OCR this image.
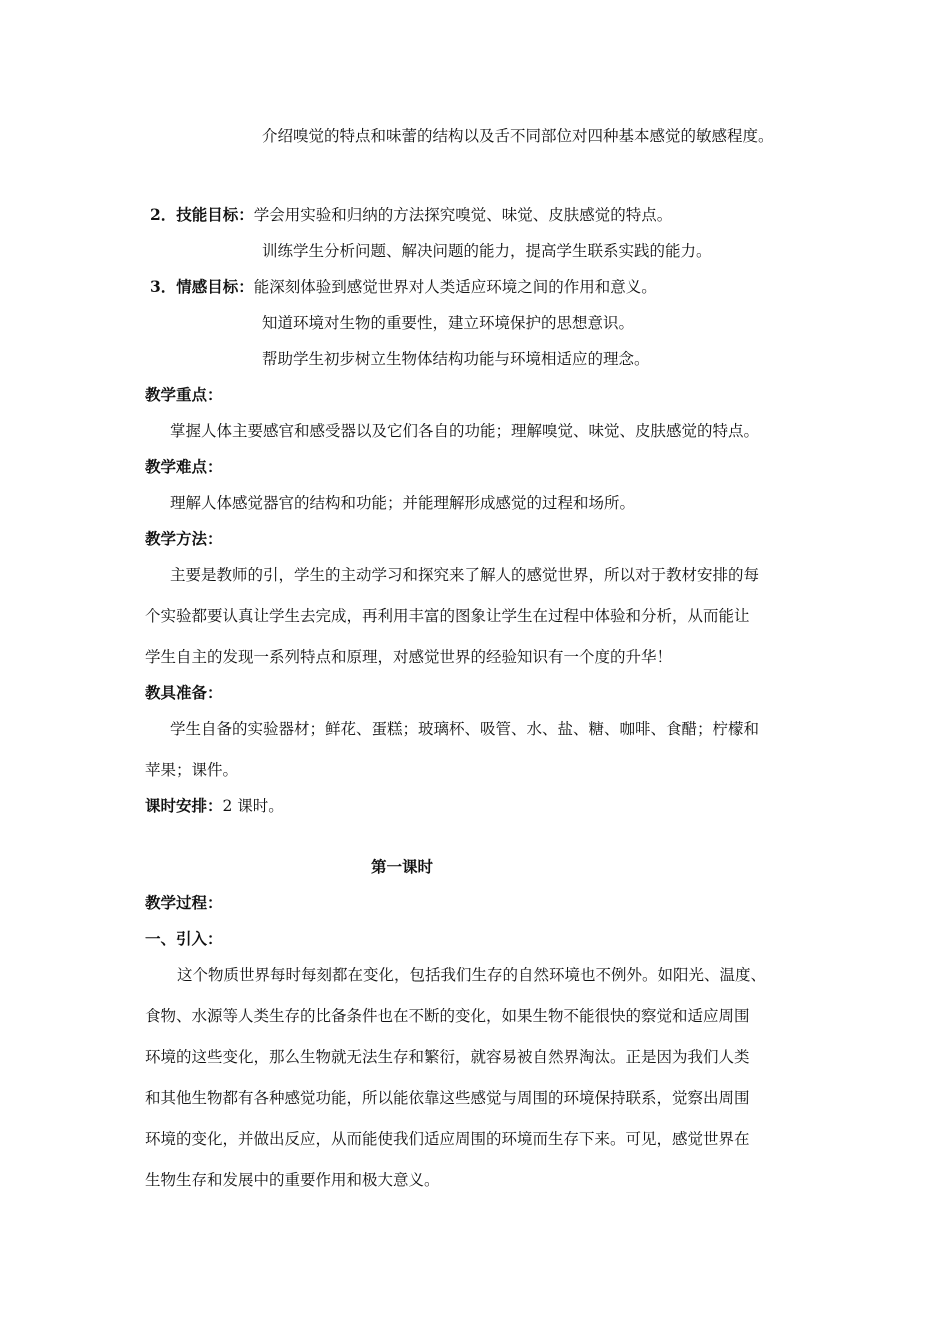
介绍嗅觉的特点和味蕾的结构以及舌不同部位对四种基本感觉的敏感程度。
2．技能目标：学会用实验和归纳的方法探究嗅觉、味觉、皮肤感觉的特点。
训练学生分析问题、解决问题的能力，提高学生联系实践的能力。
3．情感目标：能深刻体验到感觉世界对人类适应环境之间的作用和意义。
知道环境对生物的重要性，建立环境保护的思想意识。
帮助学生初步树立生物体结构功能与环境相适应的理念。
教学重点：
掌握人体主要感官和感受器以及它们各自的功能；理解嗅觉、味觉、皮肤感觉的特点。
教学难点：
理解人体感觉器官的结构和功能；并能理解形成感觉的过程和场所。
教学方法：
主要是教师的引，学生的主动学习和探究来了解人的感觉世界，所以对于教材安排的每
个实验都要认真让学生去完成，再利用丰富的图象让学生在过程中体验和分析，从而能让
学生自主的发现一系列特点和原理，对感觉世界的经验知识有一个度的升华！
教具准备：
学生自备的实验器材；鲜花、蛋糕；玻璃杯、吸管、水、盐、糖、咖啡、食醋；柠檬和
苹果；课件。
课时安排：2 课时。
第一课时
教学过程：
一、引入：
这个物质世界每时每刻都在变化，包括我们生存的自然环境也不例外。如阳光、温度、
食物、水源等人类生存的比备条件也在不断的变化，如果生物不能很快的察觉和适应周围
环境的这些变化，那么生物就无法生存和繁衍，就容易被自然界淘汰。正是因为我们人类
和其他生物都有各种感觉功能，所以能依靠这些感觉与周围的环境保持联系，觉察出周围
环境的变化，并做出反应，从而能使我们适应周围的环境而生存下来。可见，感觉世界在
生物生存和发展中的重要作用和极大意义。
